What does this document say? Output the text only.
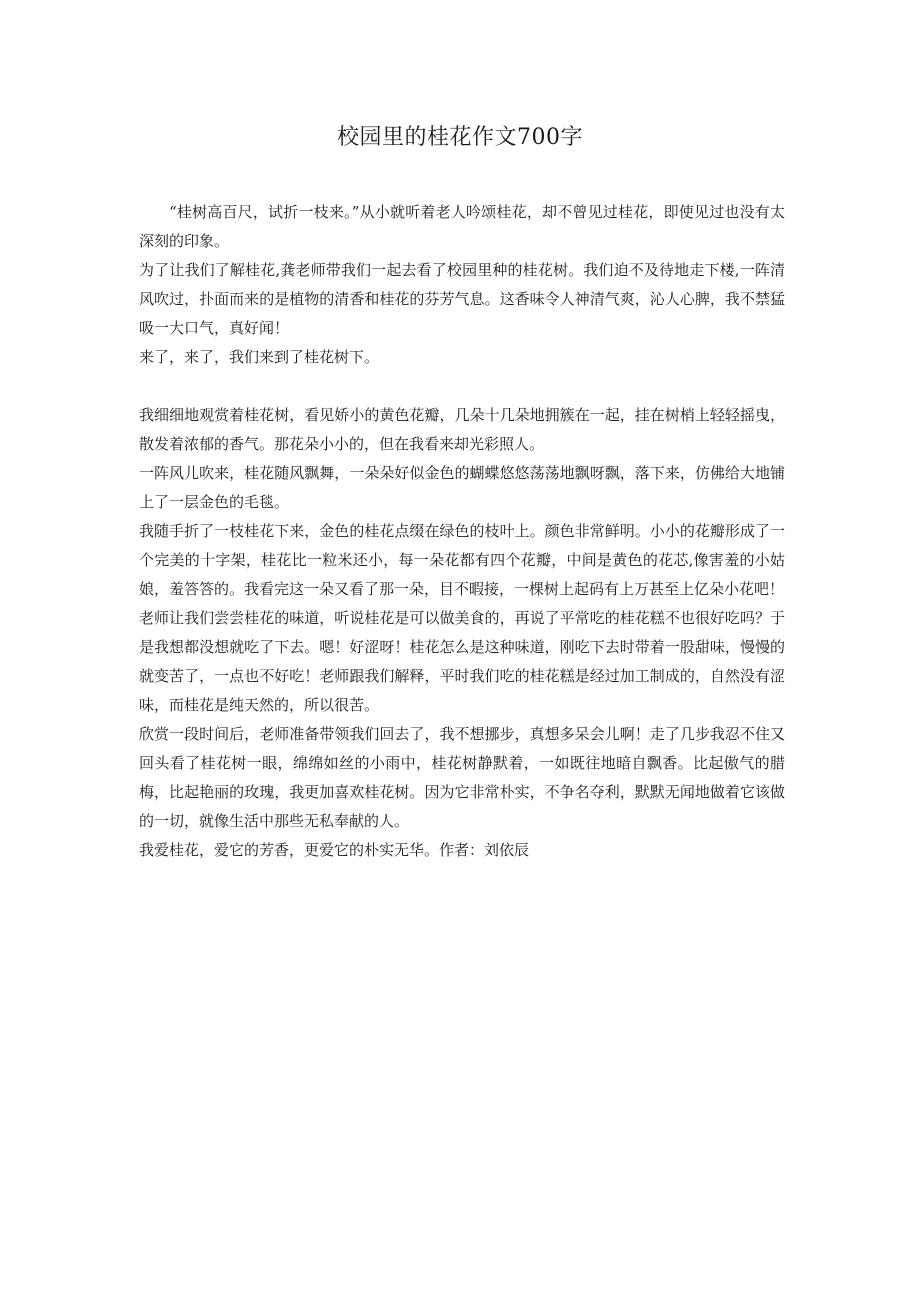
校园里的桂花作文700字

“桂树高百尺，试折一枝来。”从小就听着老人吟颂桂花，却不曾见过桂花，即使见过也没有太深刻的印象。

为了让我们了解桂花,龚老师带我们一起去看了校园里种的桂花树。我们迫不及待地走下楼,一阵清风吹过，扑面而来的是植物的清香和桂花的芬芳气息。这香味令人神清气爽，沁人心脾，我不禁猛吸一大口气，真好闻！

来了，来了，我们来到了桂花树下。

我细细地观赏着桂花树，看见娇小的黄色花瓣，几朵十几朵地拥簇在一起，挂在树梢上轻轻摇曳，散发着浓郁的香气。那花朵小小的，但在我看来却光彩照人。

一阵风儿吹来，桂花随风飘舞，一朵朵好似金色的蝴蝶悠悠荡荡地飘呀飘，落下来，仿佛给大地铺上了一层金色的毛毯。

我随手折了一枝桂花下来，金色的桂花点缀在绿色的枝叶上。颜色非常鲜明。小小的花瓣形成了一个完美的十字架，桂花比一粒米还小，每一朵花都有四个花瓣，中间是黄色的花芯,像害羞的小姑娘，羞答答的。我看完这一朵又看了那一朵，目不暇接，一棵树上起码有上万甚至上亿朵小花吧！

老师让我们尝尝桂花的味道，听说桂花是可以做美食的，再说了平常吃的桂花糕不也很好吃吗？于是我想都没想就吃了下去。嗯！好涩呀！桂花怎么是这种味道，刚吃下去时带着一股甜味，慢慢的就变苦了，一点也不好吃！老师跟我们解释，平时我们吃的桂花糕是经过加工制成的，自然没有涩味，而桂花是纯天然的，所以很苦。

欣赏一段时间后，老师准备带领我们回去了，我不想挪步，真想多呆会儿啊！走了几步我忍不住又回头看了桂花树一眼，绵绵如丝的小雨中，桂花树静默着，一如既往地暗自飘香。比起傲气的腊梅，比起艳丽的玫瑰，我更加喜欢桂花树。因为它非常朴实，不争名夺利，默默无闻地做着它该做的一切，就像生活中那些无私奉献的人。

我爱桂花，爱它的芳香，更爱它的朴实无华。作者：刘依辰
